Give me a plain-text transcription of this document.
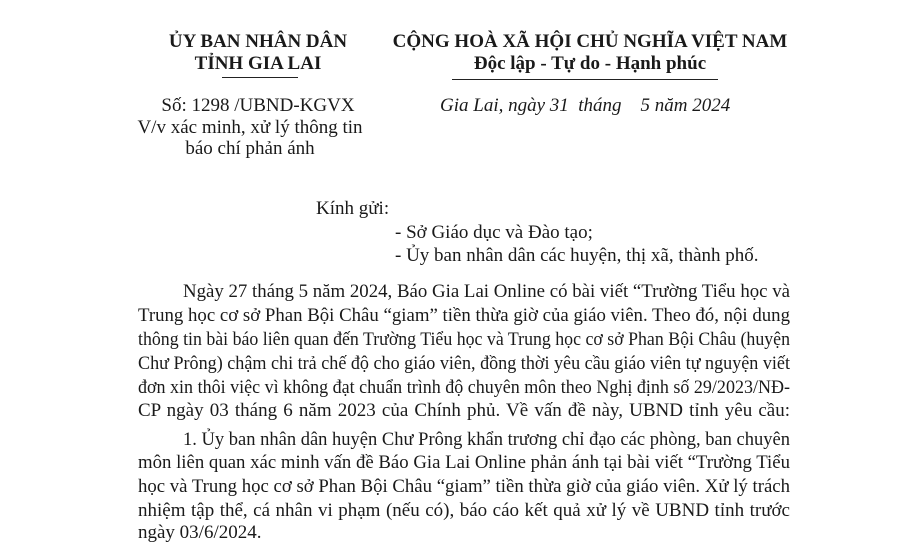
ỦY BAN NHÂN DÂN
TỈNH GIA LAI
CỘNG HOÀ XÃ HỘI CHỦ NGHĨA VIỆT NAM
Độc lập - Tự do - Hạnh phúc
Số: 1298 /UBND-KGVX
V/v xác minh, xử lý thông tin
báo chí phản ánh
Gia Lai, ngày 31  tháng    5 năm 2024
Kính gửi:
- Sở Giáo dục và Đào tạo;
- Ủy ban nhân dân các huyện, thị xã, thành phố.
Ngày 27 tháng 5 năm 2024, Báo Gia Lai Online có bài viết “Trường Tiểu học và
Trung học cơ sở Phan Bội Châu “giam” tiền thừa giờ của giáo viên. Theo đó, nội dung
thông tin bài báo liên quan đến Trường Tiểu học và Trung học cơ sở Phan Bội Châu (huyện
Chư Prông) chậm chi trả chế độ cho giáo viên, đồng thời yêu cầu giáo viên tự nguyện viết
đơn xin thôi việc vì không đạt chuẩn trình độ chuyên môn theo Nghị định số 29/2023/NĐ-
CP ngày 03 tháng 6 năm 2023 của Chính phủ. Về vấn đề này, UBND tỉnh yêu cầu:
1. Ủy ban nhân dân huyện Chư Prông khẩn trương chỉ đạo các phòng, ban chuyên
môn liên quan xác minh vấn đề Báo Gia Lai Online phản ánh tại bài viết “Trường Tiểu
học và Trung học cơ sở Phan Bội Châu “giam” tiền thừa giờ của giáo viên. Xử lý trách
nhiệm tập thể, cá nhân vi phạm (nếu có), báo cáo kết quả xử lý về UBND tỉnh trước
ngày 03/6/2024.
